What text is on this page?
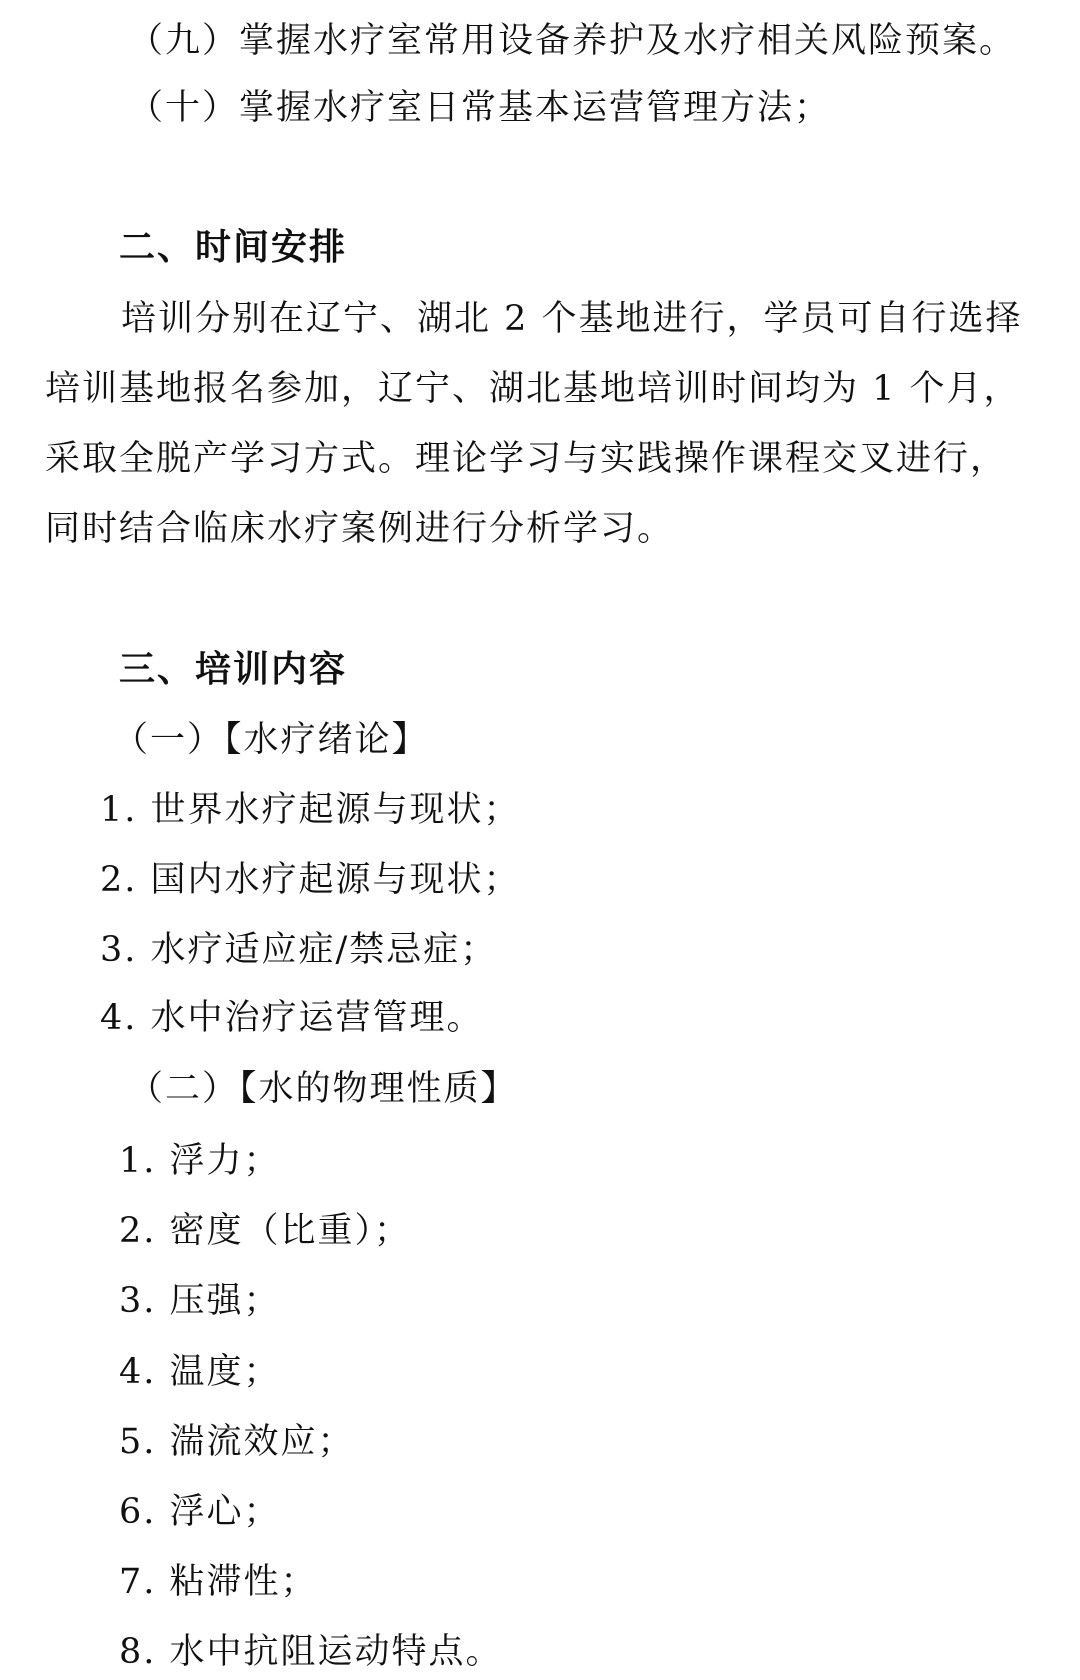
（九）掌握水疗室常用设备养护及水疗相关风险预案。
（十）掌握水疗室日常基本运营管理方法；
二、时间安排
培训分别在辽宁、湖北 2 个基地进行，学员可自行选择
培训基地报名参加，辽宁、湖北基地培训时间均为 1 个月，
采取全脱产学习方式。理论学习与实践操作课程交叉进行，
同时结合临床水疗案例进行分析学习。
三、培训内容
（一）【水疗绪论】
1. 世界水疗起源与现状；
2. 国内水疗起源与现状；
3. 水疗适应症/禁忌症；
4. 水中治疗运营管理。
（二）【水的物理性质】
1. 浮力；
2. 密度（比重）；
3. 压强；
4. 温度；
5. 湍流效应；
6. 浮心；
7. 粘滞性；
8. 水中抗阻运动特点。
